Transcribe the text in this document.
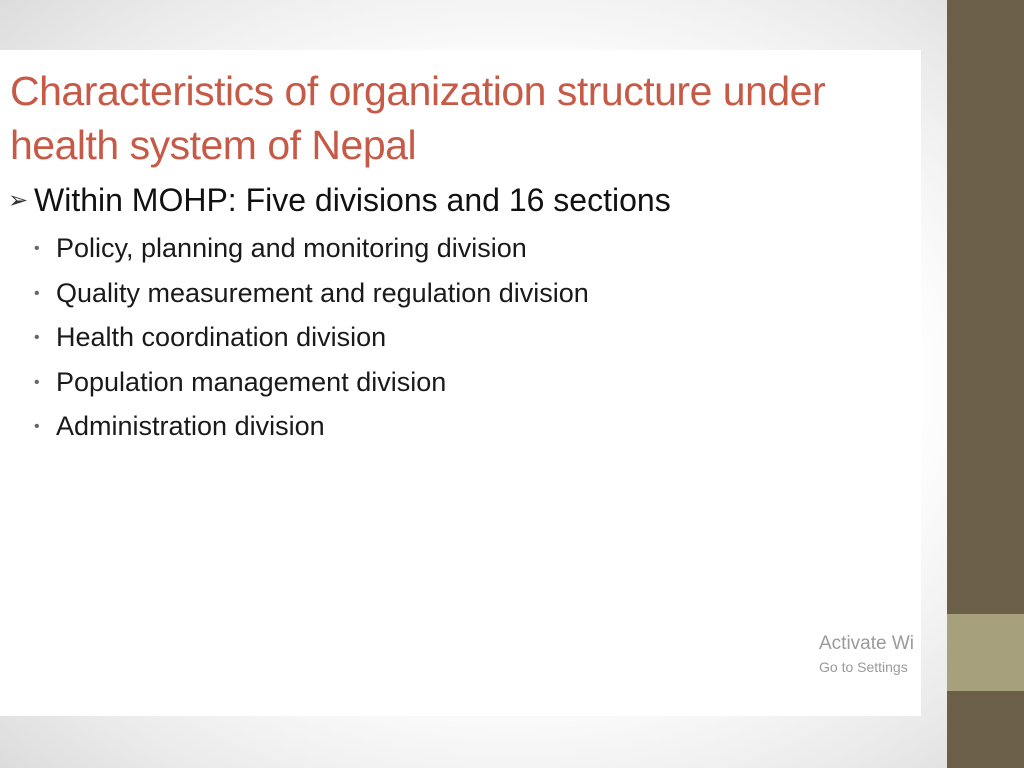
Characteristics of organization structure under health system of Nepal
➢ Within MOHP: Five divisions and 16 sections
• Policy, planning and monitoring division
• Quality measurement and regulation division
• Health coordination division
• Population management division
• Administration division
Activate Wi
Go to Settings
